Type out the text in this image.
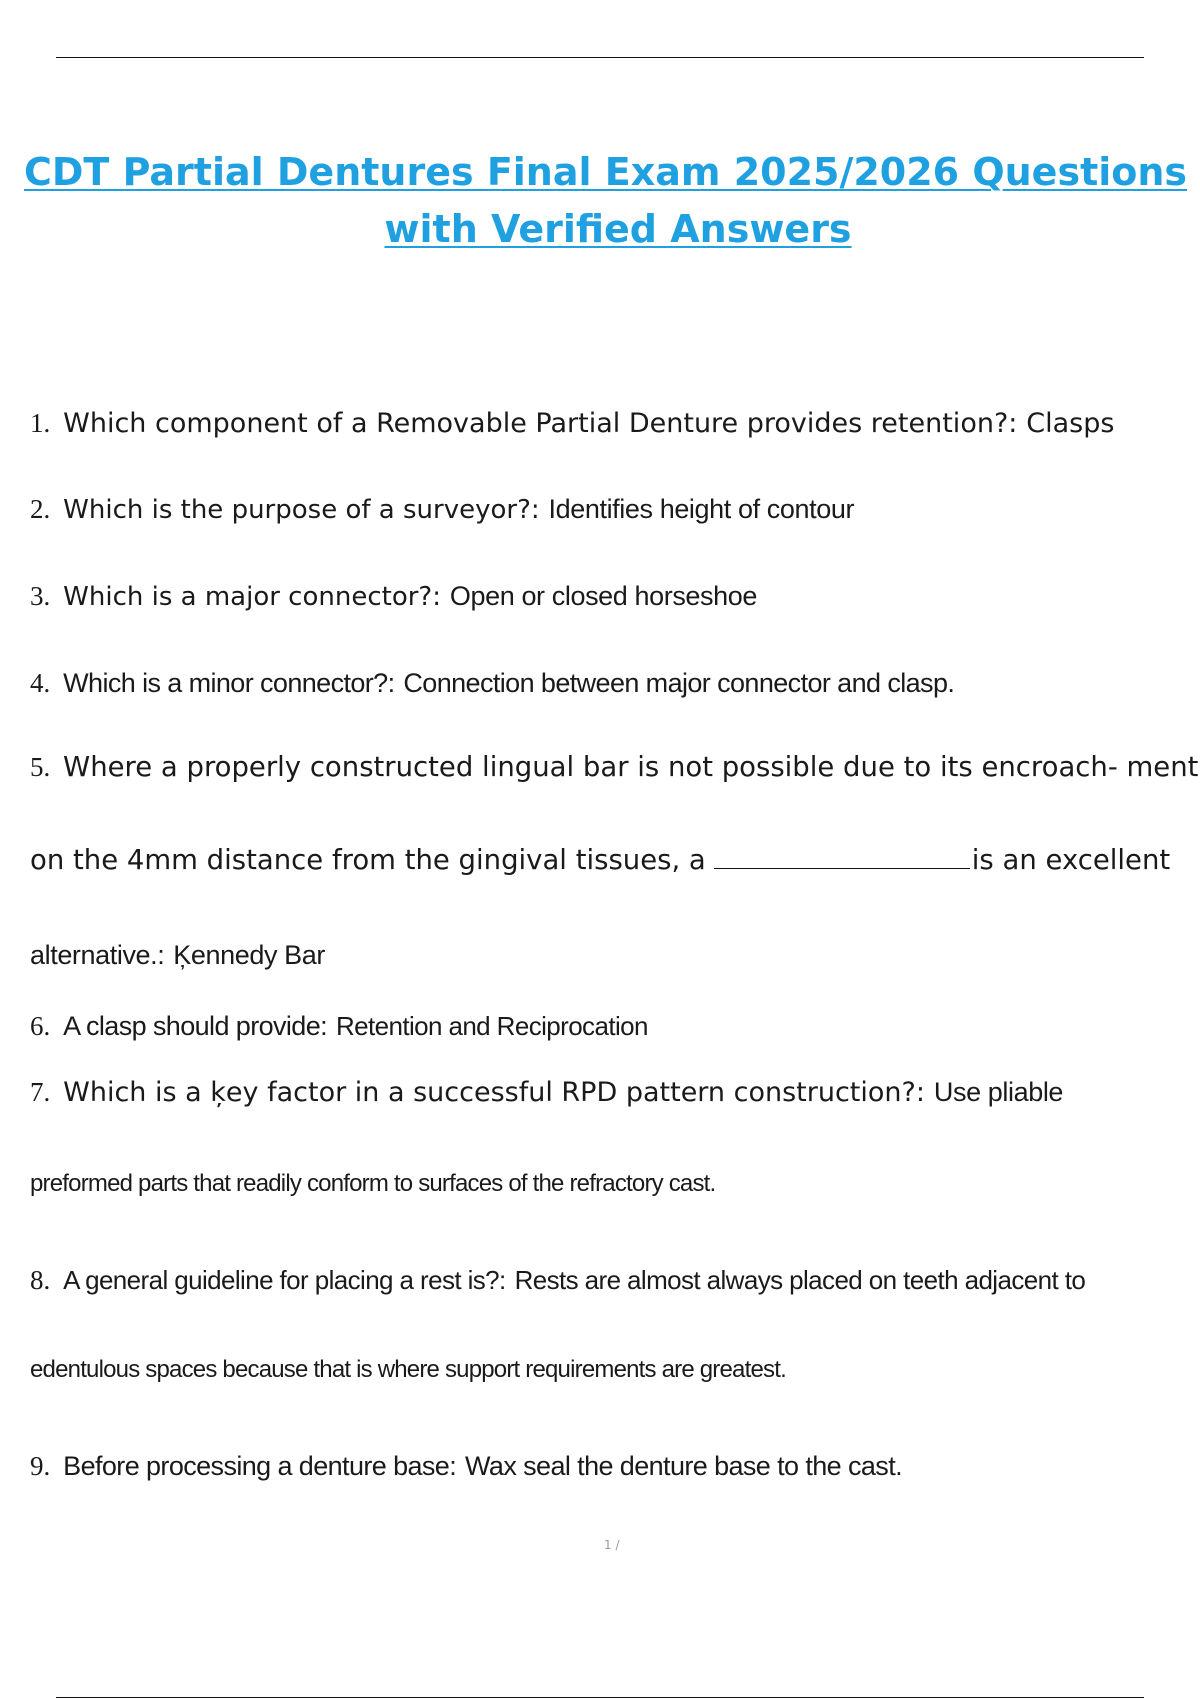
CDT Partial Dentures Final Exam 2025/2026 Questions
with Verified Answers
1. Which component of a Removable Partial Denture provides retention?: Clasps
2. Which is the purpose of a surveyor?: Identifies height of contour
3. Which is a major connector?: Open or closed horseshoe
4. Which is a minor connector?: Connection between major connector and clasp.
5. Where a properly constructed lingual bar is not possible due to its encroach- ment
on the 4mm distance from the gingival tissues, a	is an excellent
alternative.: Ķennedy Bar
6. A clasp should provide: Retention and Reciprocation
7. Which is a ķey factor in a successful RPD pattern construction?: Use pliable
preformed parts that readily conform to surfaces of the refractory cast.
8. A general guideline for placing a rest is?: Rests are almost always placed on teeth adjacent to
edentulous spaces because that is where support requirements are greatest.
9. Before processing a denture base: Wax seal the denture base to the cast.
1 /
